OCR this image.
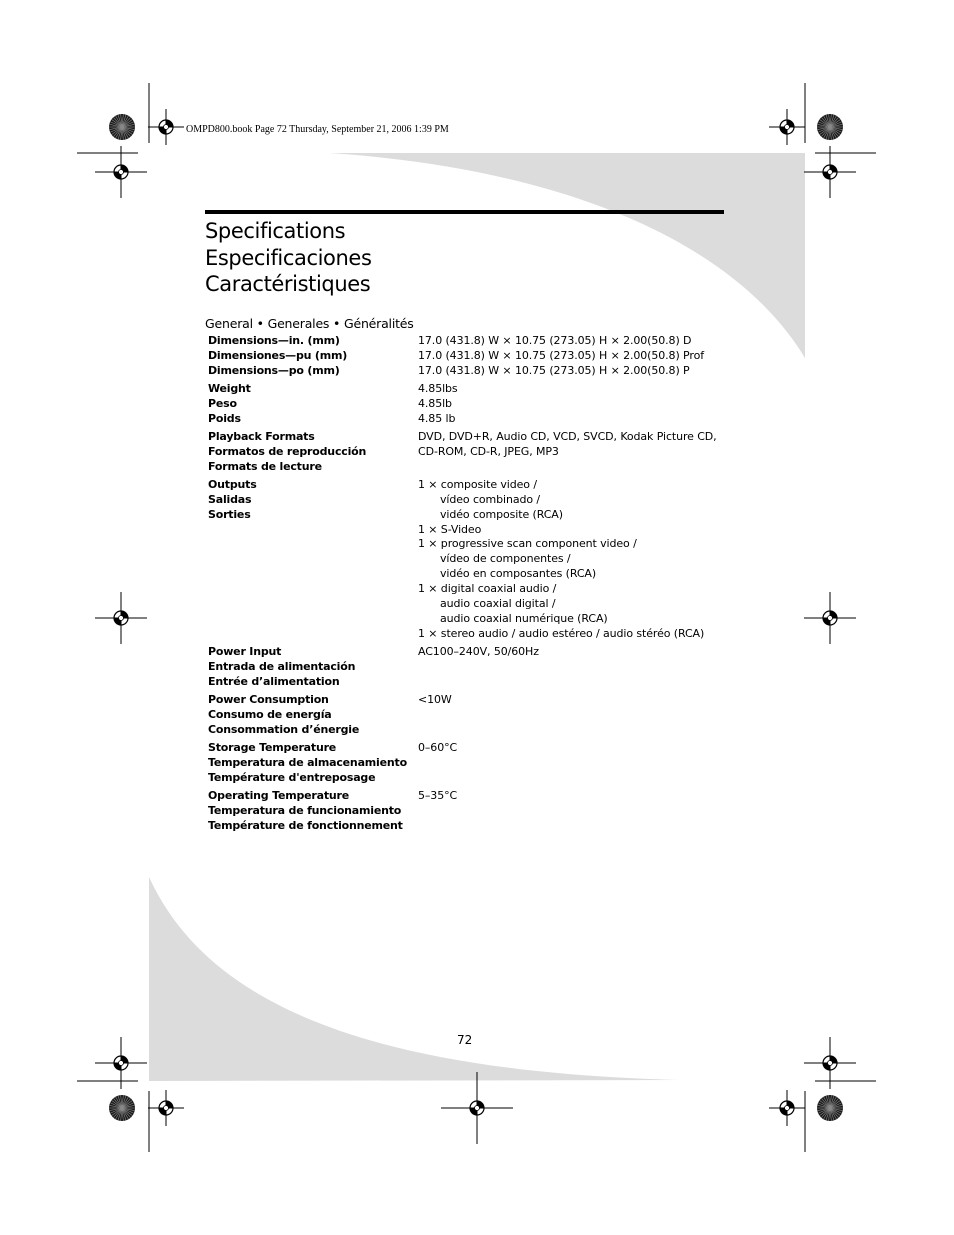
OMPD800.book Page 72 Thursday, September 21, 2006 1:39 PM
Specifications
Especificaciones
Caractéristiques
General • Generales • Généralités
Dimensions—in. (mm)
Dimensiones—pu (mm)
Dimensions—po (mm)
17.0 (431.8) W × 10.75 (273.05) H × 2.00(50.8) D
17.0 (431.8) W × 10.75 (273.05) H × 2.00(50.8) Prof
17.0 (431.8) W × 10.75 (273.05) H × 2.00(50.8) P
Weight
Peso
Poids
4.85lbs
4.85lb
4.85 lb
Playback Formats
Formatos de reproducción
Formats de lecture
DVD, DVD+R, Audio CD, VCD, SVCD, Kodak Picture CD,
CD-ROM, CD-R, JPEG, MP3
Outputs
Salidas
Sorties
1 × composite video /
vídeo combinado /
vidéo composite (RCA)
1 × S-Video
1 × progressive scan component video /
vídeo de componentes /
vidéo en composantes (RCA)
1 × digital coaxial audio /
audio coaxial digital /
audio coaxial numérique (RCA)
1 × stereo audio / audio estéreo / audio stéréo (RCA)
Power Input
Entrada de alimentación
Entrée d’alimentation
AC100–240V, 50/60Hz
Power Consumption
Consumo de energía
Consommation d’énergie
<10W
Storage Temperature
Temperatura de almacenamiento
Température d'entreposage
0–60°C
Operating Temperature
Temperatura de funcionamiento
Température de fonctionnement
5–35°C
72
